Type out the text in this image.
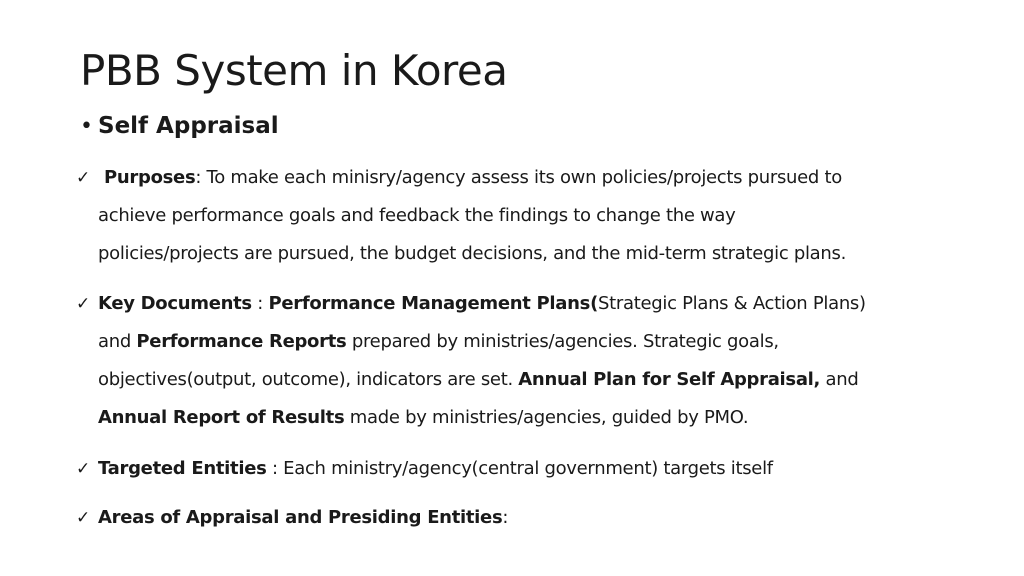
PBB System in Korea
• Self Appraisal
✓ Purposes: To make each minisry/agency assess its own policies/projects pursued to
achieve performance goals and feedback the findings to change the way
policies/projects are pursued, the budget decisions, and the mid-term strategic plans.
✓ Key Documents : Performance Management Plans(Strategic Plans & Action Plans)
and Performance Reports prepared by ministries/agencies. Strategic goals,
objectives(output, outcome), indicators are set. Annual Plan for Self Appraisal, and
Annual Report of Results made by ministries/agencies, guided by PMO.
✓ Targeted Entities : Each ministry/agency(central government) targets itself
✓ Areas of Appraisal and Presiding Entities:
